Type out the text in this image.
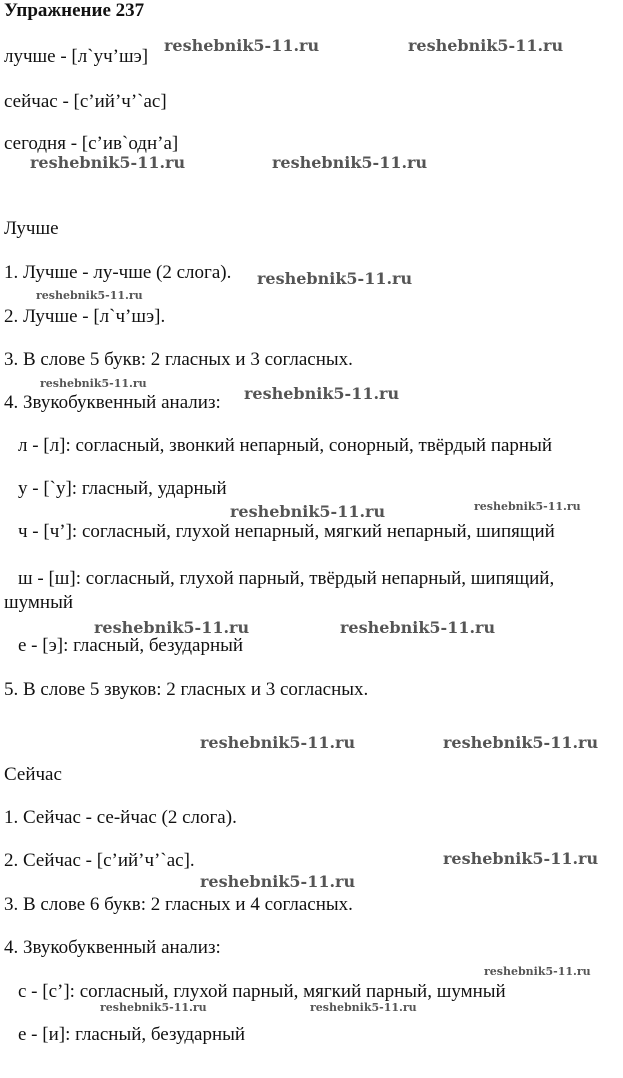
Упражнение 237
лучше - [л`уч’шэ]
сейчас - [с’ий’ч’`ас]
сегодня - [с’ив`одн’а]
Лучше
1. Лучше - лу-чше (2 слога).
2. Лучше - [л`ч’шэ].
3. В слове 5 букв: 2 гласных и 3 согласных.
4. Звукобуквенный анализ:
л - [л]: согласный, звонкий непарный, сонорный, твёрдый парный
у - [`у]: гласный, ударный
ч - [ч’]: согласный, глухой непарный, мягкий непарный, шипящий
ш - [ш]: согласный, глухой парный, твёрдый непарный, шипящий,
шумный
е - [э]: гласный, безударный
5. В слове 5 звуков: 2 гласных и 3 согласных.
Сейчас
1. Сейчас - се-йчас (2 слога).
2. Сейчас - [с’ий’ч’`ас].
3. В слове 6 букв: 2 гласных и 4 согласных.
4. Звукобуквенный анализ:
с - [с’]: согласный, глухой парный, мягкий парный, шумный
е - [и]: гласный, безударный
reshebnik5-11.ru	reshebnik5-11.ru
reshebnik5-11.ru	reshebnik5-11.ru
reshebnik5-11.ru
reshebnik5-11.ru
reshebnik5-11.ru
reshebnik5-11.ru
reshebnik5-11.ru	reshebnik5-11.ru
reshebnik5-11.ru	reshebnik5-11.ru
reshebnik5-11.ru	reshebnik5-11.ru
reshebnik5-11.ru
reshebnik5-11.ru
reshebnik5-11.ru
reshebnik5-11.ru	reshebnik5-11.ru
